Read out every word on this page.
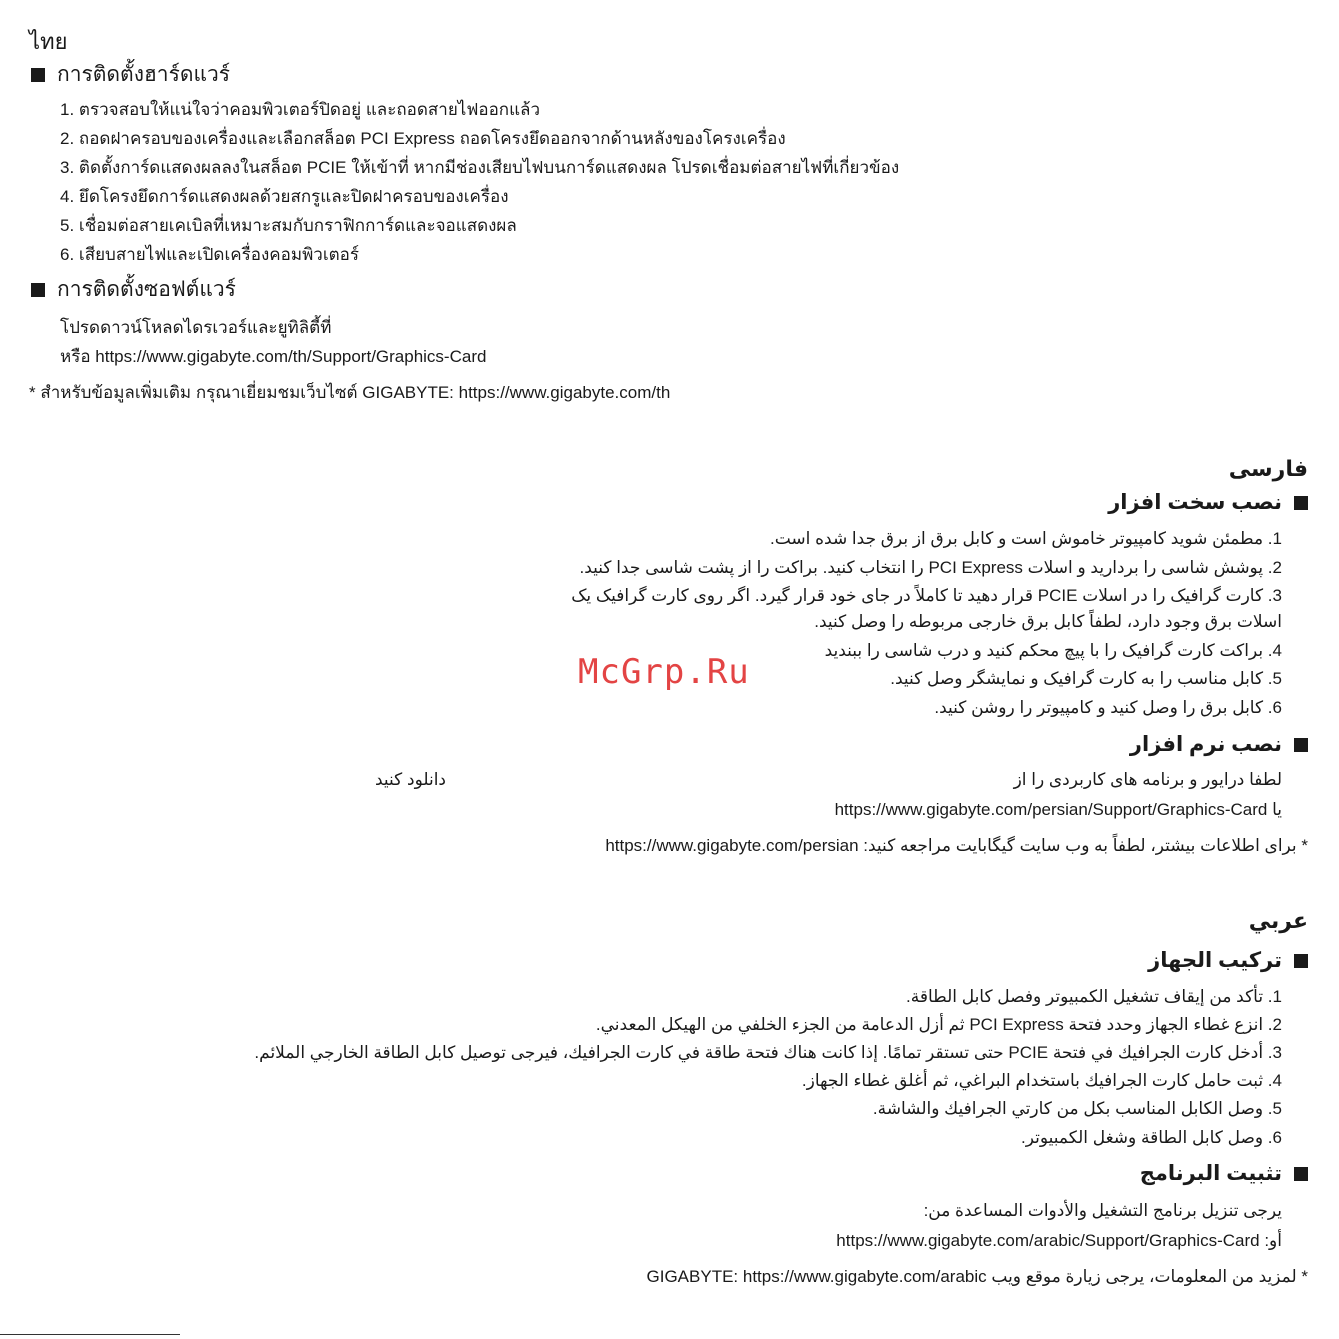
ไทย
การติดตั้งฮาร์ดแวร์
1. ตรวจสอบให้แน่ใจว่าคอมพิวเตอร์ปิดอยู่ และถอดสายไฟออกแล้ว
2. ถอดฝาครอบของเครื่องและเลือกสล็อต PCI Express ถอดโครงยึดออกจากด้านหลังของโครงเครื่อง
3. ติดตั้งการ์ดแสดงผลลงในสล็อต PCIE ให้เข้าที่ หากมีช่องเสียบไฟบนการ์ดแสดงผล โปรดเชื่อมต่อสายไฟที่เกี่ยวข้อง
4. ยึดโครงยึดการ์ดแสดงผลด้วยสกรูและปิดฝาครอบของเครื่อง
5. เชื่อมต่อสายเคเบิลที่เหมาะสมกับกราฟิกการ์ดและจอแสดงผล
6. เสียบสายไฟและเปิดเครื่องคอมพิวเตอร์
การติดตั้งซอฟต์แวร์
โปรดดาวน์โหลดไดรเวอร์และยูทิลิตี้ที่
หรือ https://www.gigabyte.com/th/Support/Graphics-Card
* สำหรับข้อมูลเพิ่มเติม กรุณาเยี่ยมชมเว็บไซต์ GIGABYTE: https://www.gigabyte.com/th
فارسی
نصب سخت افزار
1. مطمئن شوید کامپیوتر خاموش است و کابل برق از برق جدا شده است.
2. پوشش شاسی را بردارید و اسلات PCI Express را انتخاب کنید. براکت را از پشت شاسی جدا کنید.
3. کارت گرافیک را در اسلات PCIE قرار دهید تا کاملاً در جای خود قرار گیرد. اگر روی کارت گرافیک یک
اسلات برق وجود دارد، لطفاً کابل برق خارجی مربوطه را وصل کنید.
4. براکت کارت گرافیک را با پیچ محکم کنید و درب شاسی را ببندید
5. کابل مناسب را به کارت گرافیک و نمایشگر وصل کنید.
6. کابل برق را وصل کنید و کامپیوتر را روشن کنید.
نصب نرم افزار
لطفا درایور و برنامه های کاربردی را از
دانلود کنید
یا https://www.gigabyte.com/persian/Support/Graphics-Card
* برای اطلاعات بیشتر، لطفاً به وب سایت گیگابایت مراجعه کنید: https://www.gigabyte.com/persian
McGrp.Ru
عربي
تركيب الجهاز
1. تأكد من إيقاف تشغيل الكمبيوتر وفصل كابل الطاقة.
2. انزع غطاء الجهاز وحدد فتحة PCI Express ثم أزل الدعامة من الجزء الخلفي من الهيكل المعدني.
3. أدخل كارت الجرافيك في فتحة PCIE حتى تستقر تمامًا. إذا كانت هناك فتحة طاقة في كارت الجرافيك، فيرجى توصيل كابل الطاقة الخارجي الملائم.
4. ثبت حامل كارت الجرافيك باستخدام البراغي، ثم أغلق غطاء الجهاز.
5. وصل الكابل المناسب بكل من كارتي الجرافيك والشاشة.
6. وصل كابل الطاقة وشغل الكمبيوتر.
تثبيت البرنامج
يرجى تنزيل برنامج التشغيل والأدوات المساعدة من:
أو: https://www.gigabyte.com/arabic/Support/Graphics-Card
* لمزيد من المعلومات، يرجى زيارة موقع ويب GIGABYTE: https://www.gigabyte.com/arabic
